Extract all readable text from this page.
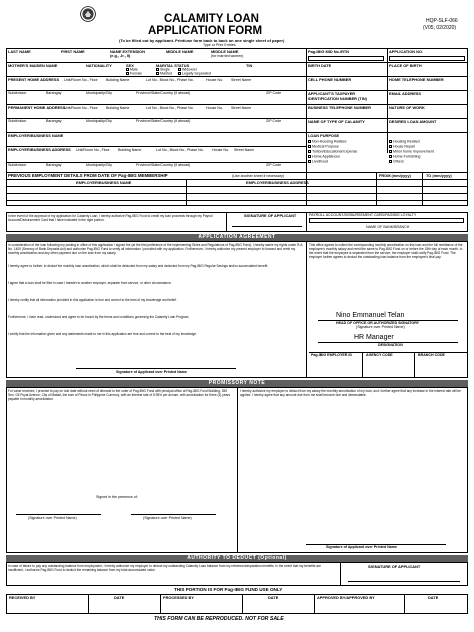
CALAMITY LOAN
APPLICATION FORM
(To be filled out by applicant. Print/use form back to back on one single sheet of paper)
Type or Print Entries
HQP-SLF-066
(V05, 02/2020)
LAST NAME	FIRST NAME	NAME EXTENSION (e.g., Jr., II)
MIDDLE NAME	MIDDLE NAME
(for married women)
Pag-IBIG MID No./RTN	APPLICATION NO.
MOTHER'S MAIDEN NAME	NATIONALITY	SEX
Male
Female
MARITAL STATUS
Single
Married
Widow/er
Legally Separated
TIN	BIRTH DATE	PLACE OF BIRTH
PRESENT HOME ADDRESS Unit/Room No., Floor Building Name	Lot No., Block No., Phase No.	House No. Street Name	CELL PHONE NUMBER	HOME TELEPHONE NUMBER
Subdivision	Barangay	Municipality/City	Province/State/Country (if abroad)	ZIP Code	APPLICANT'S TAXPAYER IDENTIFICATION NUMBER (TIN)
EMAIL ADDRESS
PERMANENT HOME ADDRESS
Unit/Room No., Floor Building Name	Lot No., Block No., Phase No.	House No. Street Name
Subdivision	Barangay	Municipality/City	Province/State/Country (if abroad)	ZIP Code
BUSINESS TELEPHONE NUMBER	NATURE OF WORK
EMPLOYER/BUSINESS NAME
NAME OF TYPE OF CALAMITY	DESIRED LOAN AMOUNT
EMPLOYER/BUSINESS ADDRESS Unit/Room No., Floor Building Name	Lot No., Block No., Phase No. House No. Street Name
Subdivision	Barangay	Municipality/City	Province/State/Country (if abroad)	ZIP Code
LOAN PURPOSE
Non-Housing Related
Medical Purpose
Tuition/Educational Expense
Home Appliances
Livelihood
Housing Related
House Repair
Minor home improvement
Home Furnishing
Others
PREVIOUS EMPLOYMENT DETAILS FROM DATE OF Pag-IBIG MEMBERSHIP	(Use another sheet if necessary)
EMPLOYER/BUSINESS NAME	EMPLOYER/BUSINESS ADDRESS
FROM (mm/yyyy)	TO (mm/yyyy)
In the event of the approval of my application for Calamity Loan, I hereby authorize Pag-IBIG Fund to credit my loan proceeds through my Payroll Account/Disbursement Card that I have indicated in the right portion.
SIGNATURE OF APPLICANT	PAYROLL ACCOUNT/DISBURSEMENT CARD/PAGIBIG LOYALTY
NAME OF BANK/BRANCH
APPLICATION AGREEMENT
In consideration of the loan following my posting in office of this application I signed the (at the first preference of the implementing Rules and Regulations of Pag-IBIG Fund), I hereby waive my rights under R.A. No. 1405 (Secrecy of Bank Deposits Act) and authorize Pag-IBIG Fund to verify all information I provided with my application. Furthermore, I hereby authorize my present employer to forward and remit my monthly amortization and any other payment due on the loan from my salary.
I hereby agree to further, to deduct the monthly loan amortization, which shall be deducted from my salary and deducted from my Pag-IBIG Regular Savings and/or accumulated benefit.
I agree that a loan shall be filed in case I transfer to another employer, separate from service, or other circumstance.
I hereby certify that all information provided in this application is true and correct to the best of my knowledge and belief.
Furthermore, I have read, understood and agree to be bound by the terms and conditions governing the Calamity Loan Program.
I certify that the information given and any statements made to me in this application are true and correct to the best of my knowledge.
Signature of Applicant over Printed Name
This office agrees to collect the corresponding monthly amortization on this loan and the full remittance of the employee's monthly salary and remit the same to Pag-IBIG Fund on or before the 15th day of each month. In the event that the employee is separated from the service, the employer shall notify Pag-IBIG Fund. The employer further agrees to deduct the outstanding loan balance from the employee's final pay.
Nino Emmanuel Telan
HEAD OF OFFICE OR AUTHORIZED SIGNATORY
(Signature over Printed Name)
HR Manager
DESIGNATION
Pag-IBIG EMPLOYER ID	AGENCY CODE	BRANCH CODE
PROMISSORY NOTE
For value received, I promise to pay on due date without need of demand to the order of Pag-IBIG Fund with principal office at Pag-IBIG Fund Building, 355 Sen. Gil Puyat Avenue, City of Makati, the sum of Pesos in Philippine Currency, with an interest rate of 5.95% per annum, with amortization for three (3) years payable in monthly amortization.
I hereby authorize my employer to deduct from my salary the monthly amortization of my loan, and I further agree that any increase in the interest rate will be applied. I hereby agree that any amount due from me shall become due and demandable.
Signed in the presence of:
(Signature over Printed Name)	(Signature over Printed Name)
Signature of Applicant over Printed Name
AUTHORITY TO DEDUCT (Optional)
In case of failure to pay any outstanding balance from employment, I hereby authorize my employer to deduct my outstanding Calamity Loan balance from my retirement/separation benefits. In the event that my benefits are insufficient, I authorize Pag-IBIG Fund to deduct the remaining balance from my total accumulated value.
SIGNATURE OF APPLICANT
THIS PORTION IS FOR Pag-IBIG FUND USE ONLY
RECEIVED BY	DATE	PROCESSED BY	DATE	APPROVED BY/APPROVED BY	DATE
THIS FORM CAN BE REPRODUCED. NOT FOR SALE
